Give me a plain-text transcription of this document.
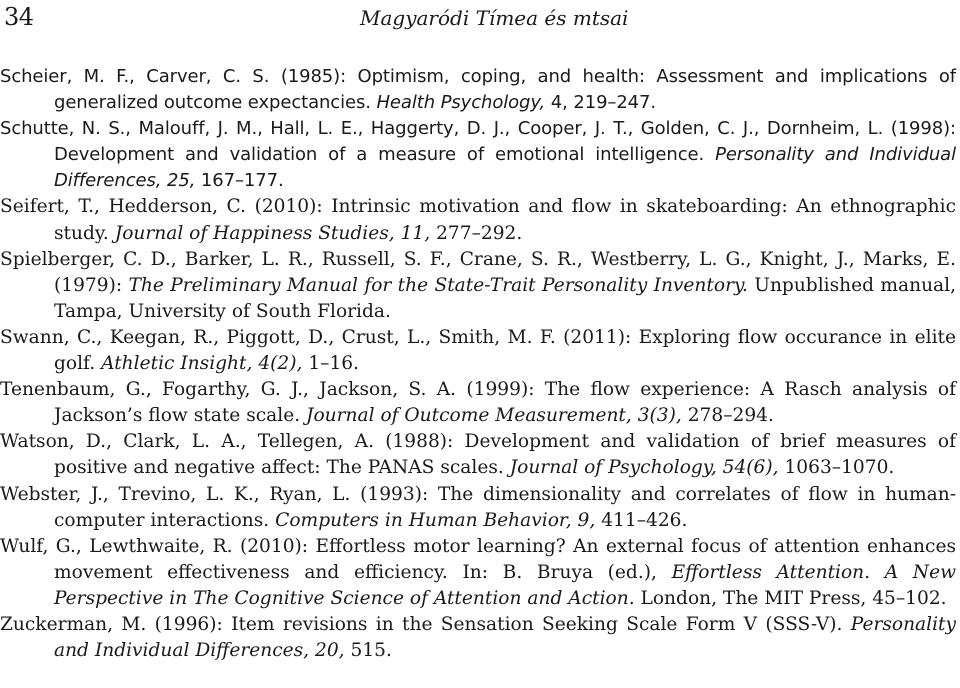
34	Magyaródi Tímea és mtsai

Scheier, M. F., Carver, C. S. (1985): Optimism, coping, and health: Assessment and implications of generalized outcome expectancies. Health Psychology, 4, 219–247.

Schutte, N. S., Malouff, J. M., Hall, L. E., Haggerty, D. J., Cooper, J. T., Golden, C. J., Dornheim, L. (1998): Development and validation of a measure of emotional intelligence. Personality and Individual Differences, 25, 167–177.

Seifert, T., Hedderson, C. (2010): Intrinsic motivation and flow in skateboarding: An ethnographic study. Journal of Happiness Studies, 11, 277–292.

Spielberger, C. D., Barker, L. R., Russell, S. F., Crane, S. R., Westberry, L. G., Knight, J., Marks, E. (1979): The Preliminary Manual for the State-Trait Personality Inventory. Unpublished manual, Tampa, University of South Florida.

Swann, C., Keegan, R., Piggott, D., Crust, L., Smith, M. F. (2011): Exploring flow occurance in elite golf. Athletic Insight, 4(2), 1–16.

Tenenbaum, G., Fogarthy, G. J., Jackson, S. A. (1999): The flow experience: A Rasch analysis of Jackson’s flow state scale. Journal of Outcome Measurement, 3(3), 278–294.

Watson, D., Clark, L. A., Tellegen, A. (1988): Development and validation of brief measures of positive and negative affect: The PANAS scales. Journal of Psychology, 54(6), 1063–1070.

Webster, J., Trevino, L. K., Ryan, L. (1993): The dimensionality and correlates of flow in human-computer interactions. Computers in Human Behavior, 9, 411–426.

Wulf, G., Lewthwaite, R. (2010): Effortless motor learning? An external focus of attention enhances movement effectiveness and efficiency. In: B. Bruya (ed.), Effortless Attention. A New Perspective in The Cognitive Science of Attention and Action. London, The MIT Press, 45–102.

Zuckerman, M. (1996): Item revisions in the Sensation Seeking Scale Form V (SSS-V). Personality and Individual Differences, 20, 515.
